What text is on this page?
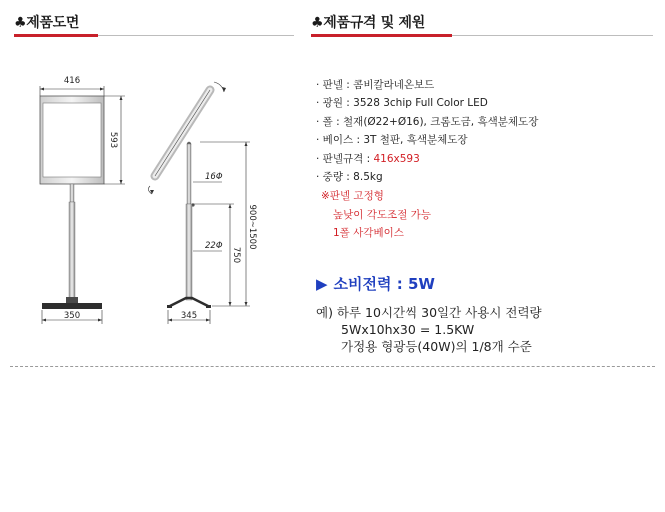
♣제품도면	♣제품규격 및 제원
416
593
350	345
16Φ
22Φ
750
900~1500
· 판넬 : 콤비칼라네온보드
· 광원 : 3528 3chip Full Color LED
· 폴 : 철재(Ø22+Ø16), 크롬도금, 흑색분체도장
· 베이스 : 3T 철판, 흑색분체도장
· 판넬규격 : 416x593
· 중량 : 8.5kg
※판넬 고정형
높낮이 각도조절 가능
1폴 사각베이스
▶ 소비전력 : 5W
예) 하루 10시간씩 30일간 사용시 전력량
5Wx10hx30 = 1.5KW
가정용 형광등(40W)의 1/8개 수준
